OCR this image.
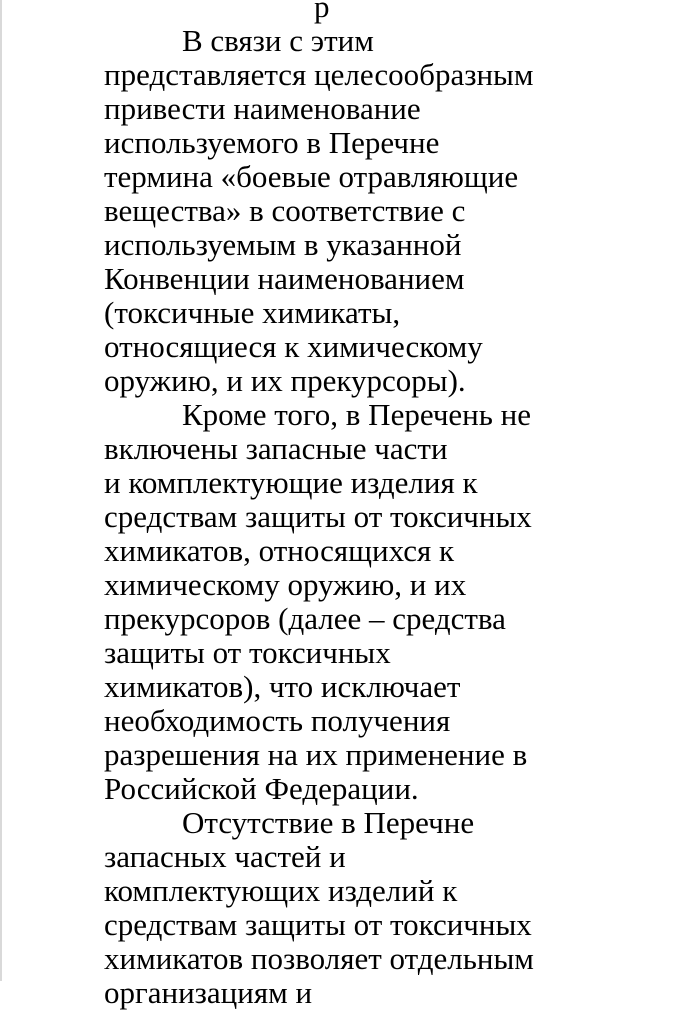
р
В связи с этим
представляется целесообразным
привести наименование
используемого в Перечне
термина «боевые отравляющие
вещества» в соответствие с
используемым в указанной
Конвенции наименованием
(токсичные химикаты,
относящиеся к химическому
оружию, и их прекурсоры).
Кроме того, в Перечень не
включены запасные части
и комплектующие изделия к
средствам защиты от токсичных
химикатов, относящихся к
химическому оружию, и их
прекурсоров (далее – средства
защиты от токсичных
химикатов), что исключает
необходимость получения
разрешения на их применение в
Российской Федерации.
Отсутствие в Перечне
запасных частей и
комплектующих изделий к
средствам защиты от токсичных
химикатов позволяет отдельным
организациям и
